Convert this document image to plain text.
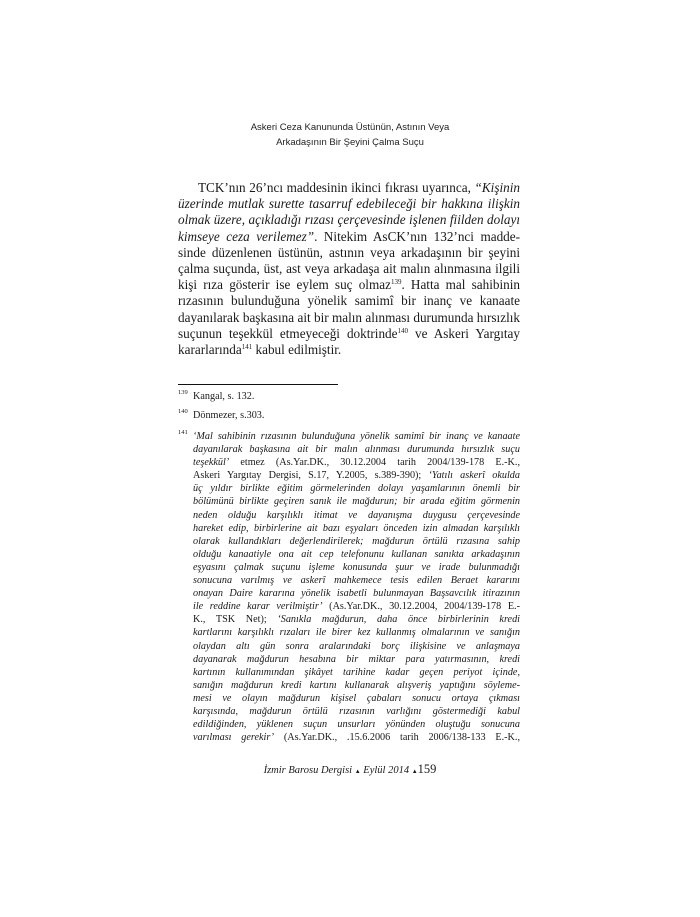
Askeri Ceza Kanununda Üstünün, Astının Veya
Arkadaşının Bir Şeyini Çalma Suçu
TCK’nın 26’ncı maddesinin ikinci fıkrası uyarınca, “Kişinin
üzerinde mutlak surette tasarruf edebileceği bir hakkına ilişkin
olmak üzere, açıkladığı rızası çerçevesinde işlenen fiilden dolayı
kimseye ceza verilemez”. Nitekim AsCK’nın 132’nci madde-
sinde düzenlenen üstünün, astının veya arkadaşının bir şeyini
çalma suçunda, üst, ast veya arkadaşa ait malın alınmasına ilgili
kişi rıza gösterir ise eylem suç olmaz$^{139}$. Hatta mal sahibinin
rızasının bulunduğuna yönelik samimî bir inanç ve kanaate
dayanılarak başkasına ait bir malın alınması durumunda hırsızlık
suçunun teşekkül etmeyeceği doktrinde$^{140}$ ve Askeri Yargıtay
kararlarında$^{141}$ kabul edilmiştir.
139 Kangal, s. 132.
140 Dönmezer, s.303.
141 ‘Mal sahibinin rızasının bulunduğuna yönelik samimî bir inanç ve kanaate
dayanılarak başkasına ait bir malın alınması durumunda hırsızlık suçu
teşekkül’ etmez (As.Yar.DK., 30.12.2004 tarih 2004/139-178 E.-K.,
Askeri Yargıtay Dergisi, S.17, Y.2005, s.389-390); ‘Yatılı askerî okulda
üç yıldır birlikte eğitim görmelerinden dolayı yaşamlarının önemli bir
bölümünü birlikte geçiren sanık ile mağdurun; bir arada eğitim görmenin
neden olduğu karşılıklı itimat ve dayanışma duygusu çerçevesinde
hareket edip, birbirlerine ait bazı eşyaları önceden izin almadan karşılıklı
olarak kullandıkları değerlendirilerek; mağdurun örtülü rızasına sahip
olduğu kanaatiyle ona ait cep telefonunu kullanan sanıkta arkadaşının
eşyasını çalmak suçunu işleme konusunda şuur ve irade bulunmadığı
sonucuna varılmış ve askerî mahkemece tesis edilen Beraet kararını
onayan Daire kararına yönelik isabetli bulunmayan Başsavcılık itirazının
ile reddine karar verilmiştir’ (As.Yar.DK., 30.12.2004, 2004/139-178 E.-
K., TSK Net); ‘Sanıkla mağdurun, daha önce birbirlerinin kredi
kartlarını karşılıklı rızaları ile birer kez kullanmış olmalarının ve sanığın
olaydan altı gün sonra aralarındaki borç ilişkisine ve anlaşmaya
dayanarak mağdurun hesabına bir miktar para yatırmasının, kredi
kartının kullanımından şikâyet tarihine kadar geçen periyot içinde,
sanığın mağdurun kredi kartını kullanarak alışveriş yaptığını söyleme-
mesi ve olayın mağdurun kişisel çabaları sonucu ortaya çıkması
karşısında, mağdurun örtülü rızasının varlığını göstermediği kabul
edildiğinden, yüklenen suçun unsurları yönünden oluştuğu sonucuna
varılması gerekir’ (As.Yar.DK., .15.6.2006 tarih 2006/138-133 E.-K.,
İzmir Barosu Dergisi ▲ Eylül 2014 ▲159
